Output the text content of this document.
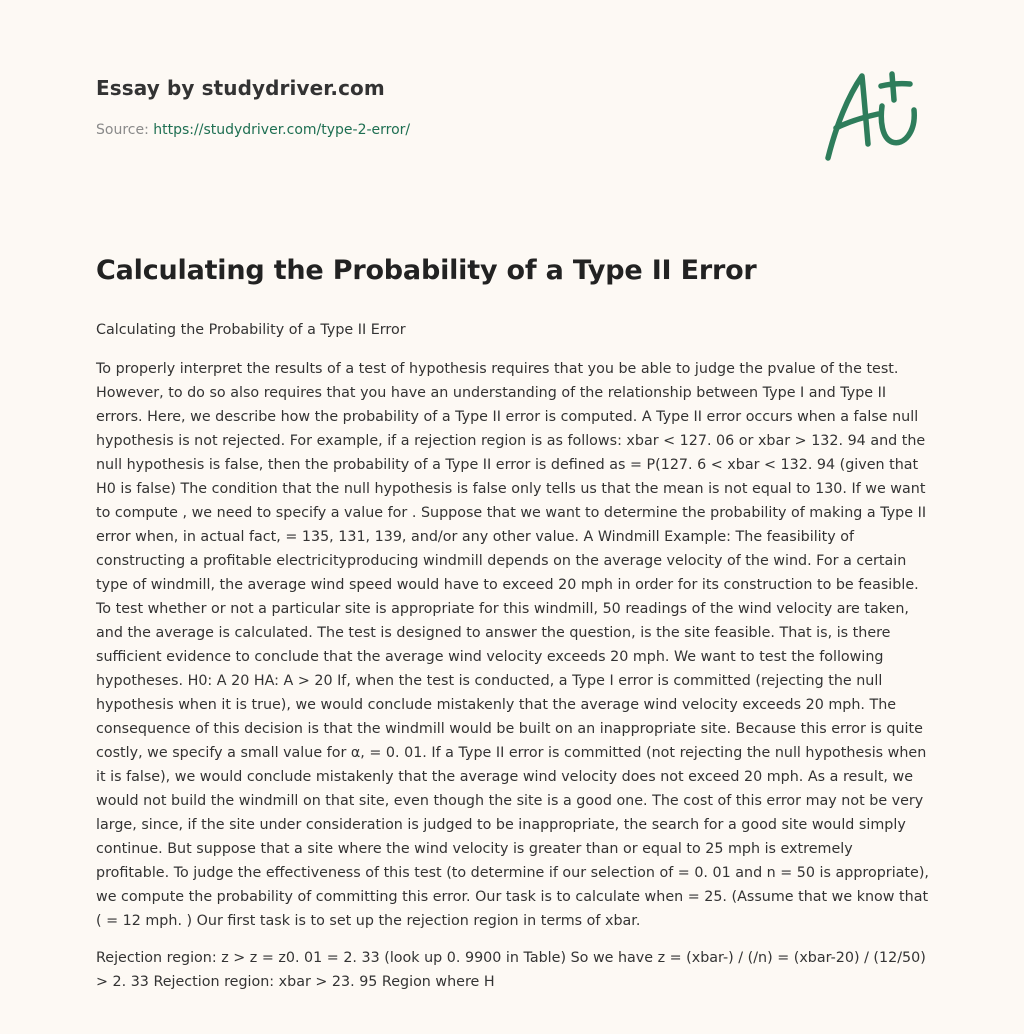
Essay by studydriver.com
Source: https://studydriver.com/type-2-error/
Calculating the Probability of a Type II Error

Calculating the Probability of a Type II Error

To properly interpret the results of a test of hypothesis requires that you be able to judge the pvalue of the test. However, to do so also requires that you have an understanding of the relationship between Type I and Type II errors. Here, we describe how the probability of a Type II error is computed. A Type II error occurs when a false null hypothesis is not rejected. For example, if a rejection region is as follows: xbar < 127. 06 or xbar > 132. 94 and the null hypothesis is false, then the probability of a Type II error is defined as = P(127. 6 < xbar < 132. 94 (given that H0 is false) The condition that the null hypothesis is false only tells us that the mean is not equal to 130. If we want to compute , we need to specify a value for . Suppose that we want to determine the probability of making a Type II error when, in actual fact, = 135, 131, 139, and/or any other value. A Windmill Example: The feasibility of constructing a profitable electricityproducing windmill depends on the average velocity of the wind. For a certain type of windmill, the average wind speed would have to exceed 20 mph in order for its construction to be feasible. To test whether or not a particular site is appropriate for this windmill, 50 readings of the wind velocity are taken, and the average is calculated. The test is designed to answer the question, is the site feasible. That is, is there sufficient evidence to conclude that the average wind velocity exceeds 20 mph. We want to test the following hypotheses. H0: A 20 HA: A > 20 If, when the test is conducted, a Type I error is committed (rejecting the null hypothesis when it is true), we would conclude mistakenly that the average wind velocity exceeds 20 mph. The consequence of this decision is that the windmill would be built on an inappropriate site. Because this error is quite costly, we specify a small value for α, = 0. 01. If a Type II error is committed (not rejecting the null hypothesis when it is false), we would conclude mistakenly that the average wind velocity does not exceed 20 mph. As a result, we would not build the windmill on that site, even though the site is a good one. The cost of this error may not be very large, since, if the site under consideration is judged to be inappropriate, the search for a good site would simply continue. But suppose that a site where the wind velocity is greater than or equal to 25 mph is extremely profitable. To judge the effectiveness of this test (to determine if our selection of = 0. 01 and n = 50 is appropriate), we compute the probability of committing this error. Our task is to calculate when = 25. (Assume that we know that ( = 12 mph. ) Our first task is to set up the rejection region in terms of xbar.

Rejection region: z > z = z0. 01 = 2. 33 (look up 0. 9900 in Table) So we have z = (xbar-) / (/n) = (xbar-20) / (12/50) > 2. 33 Rejection region: xbar > 23. 95 Region where H
